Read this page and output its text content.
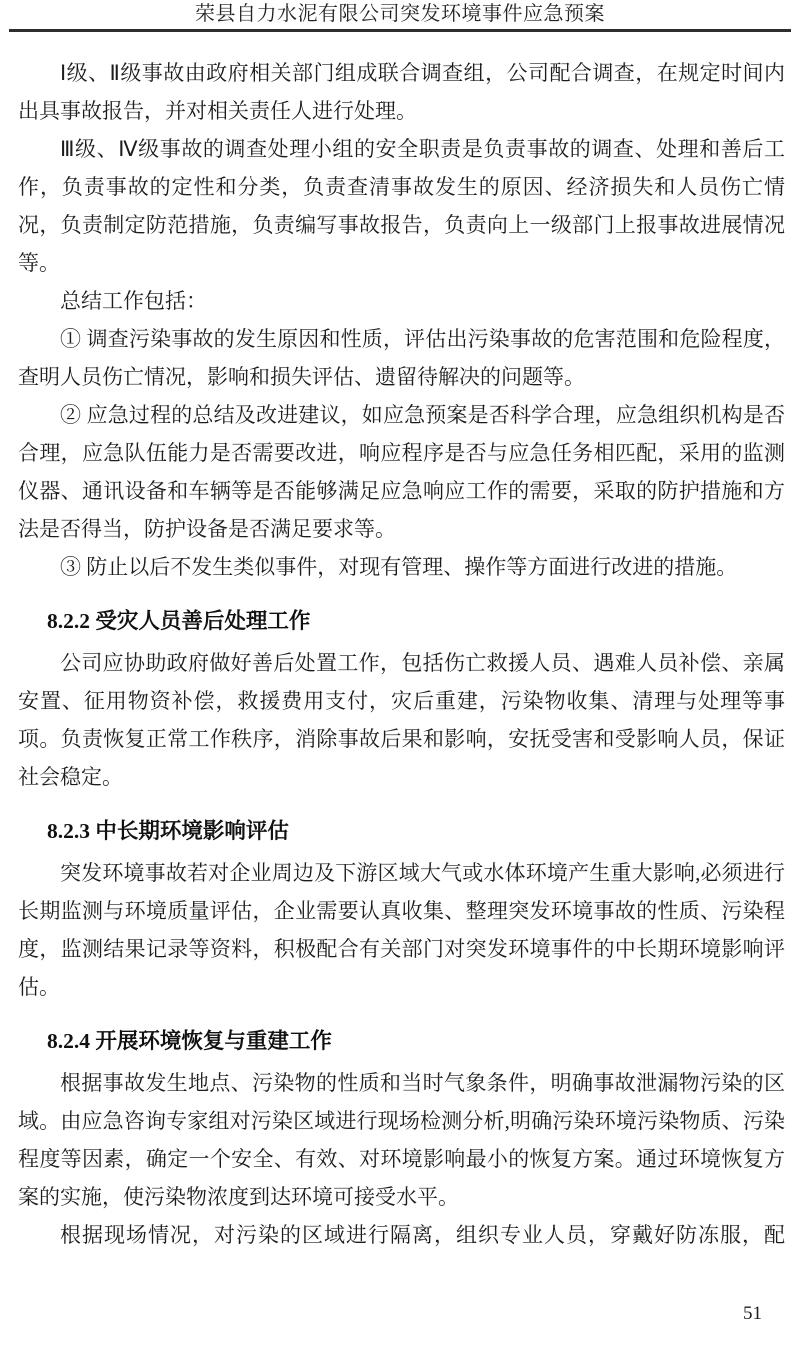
荣县自力水泥有限公司突发环境事件应急预案

Ⅰ级、Ⅱ级事故由政府相关部门组成联合调查组，公司配合调查，在规定时间内出具事故报告，并对相关责任人进行处理。

Ⅲ级、Ⅳ级事故的调查处理小组的安全职责是负责事故的调查、处理和善后工作，负责事故的定性和分类，负责查清事故发生的原因、经济损失和人员伤亡情况，负责制定防范措施，负责编写事故报告，负责向上一级部门上报事故进展情况等。

总结工作包括：

① 调查污染事故的发生原因和性质，评估出污染事故的危害范围和危险程度，查明人员伤亡情况，影响和损失评估、遗留待解决的问题等。

② 应急过程的总结及改进建议，如应急预案是否科学合理，应急组织机构是否合理，应急队伍能力是否需要改进，响应程序是否与应急任务相匹配，采用的监测仪器、通讯设备和车辆等是否能够满足应急响应工作的需要，采取的防护措施和方法是否得当，防护设备是否满足要求等。

③ 防止以后不发生类似事件，对现有管理、操作等方面进行改进的措施。

8.2.2 受灾人员善后处理工作

公司应协助政府做好善后处置工作，包括伤亡救援人员、遇难人员补偿、亲属安置、征用物资补偿，救援费用支付，灾后重建，污染物收集、清理与处理等事项。负责恢复正常工作秩序，消除事故后果和影响，安抚受害和受影响人员，保证社会稳定。

8.2.3 中长期环境影响评估

突发环境事故若对企业周边及下游区域大气或水体环境产生重大影响,必须进行长期监测与环境质量评估，企业需要认真收集、整理突发环境事故的性质、污染程度，监测结果记录等资料，积极配合有关部门对突发环境事件的中长期环境影响评估。

8.2.4 开展环境恢复与重建工作

根据事故发生地点、污染物的性质和当时气象条件，明确事故泄漏物污染的区域。由应急咨询专家组对污染区域进行现场检测分析,明确污染环境污染物质、污染程度等因素，确定一个安全、有效、对环境影响最小的恢复方案。通过环境恢复方案的实施，使污染物浓度到达环境可接受水平。

根据现场情况，对污染的区域进行隔离，组织专业人员，穿戴好防冻服，配

51
